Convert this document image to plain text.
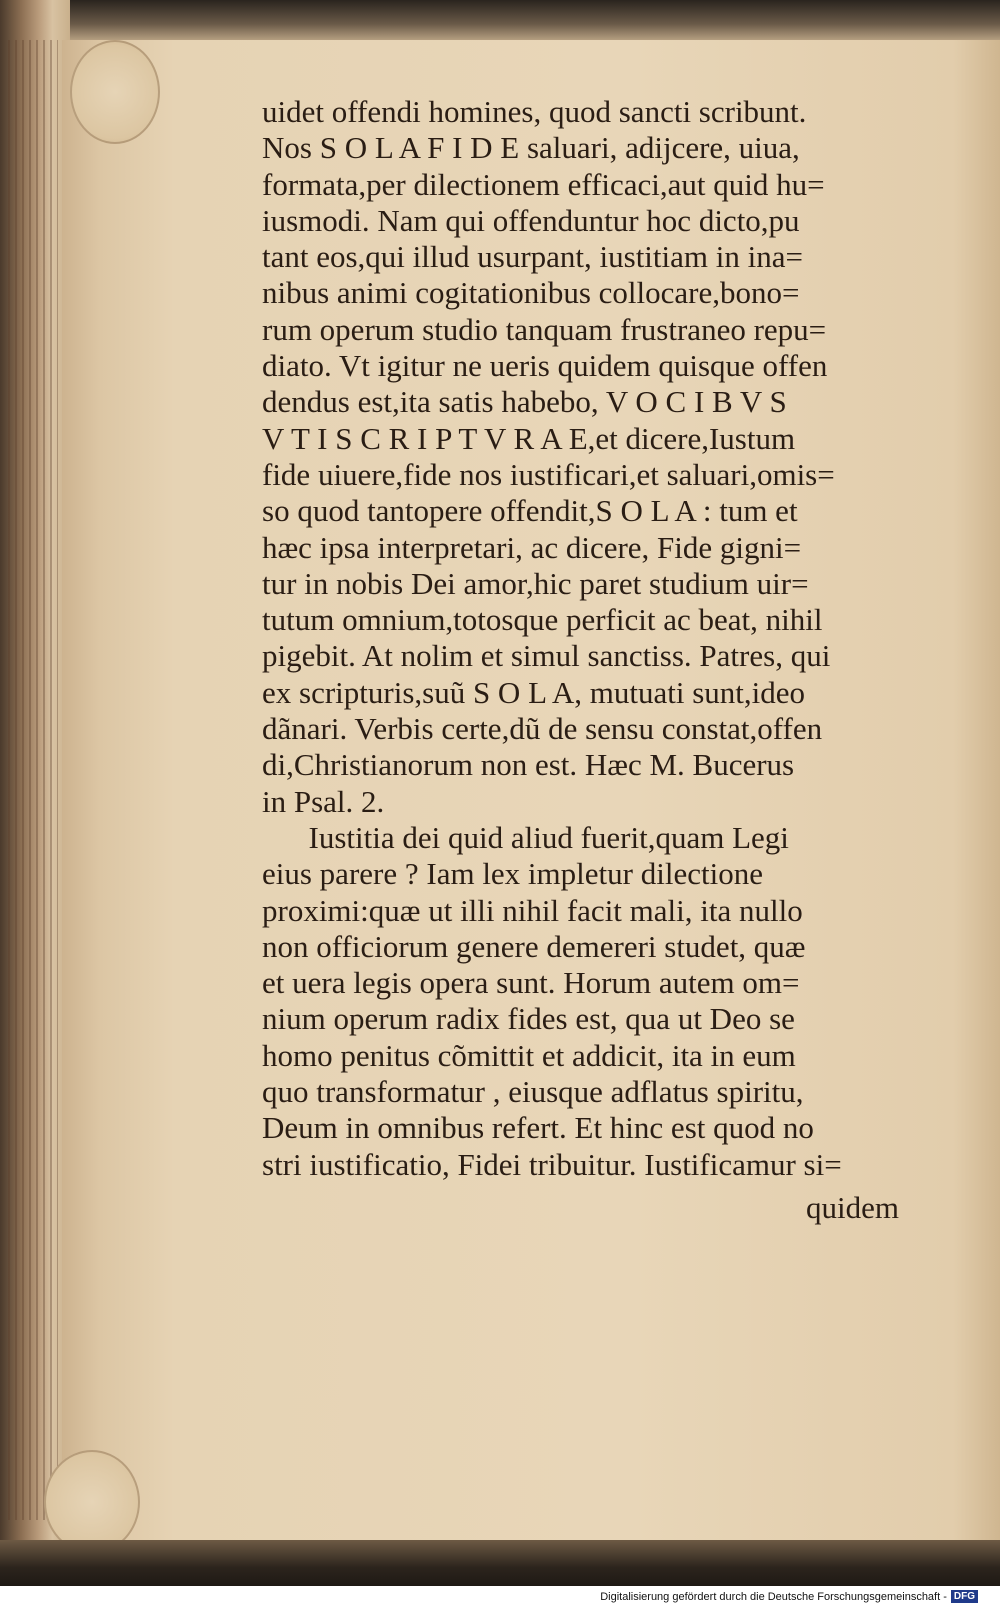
uidet offendi homines, quod sancti scribunt.
Nos S O L A F I D E saluari, adijcere, uiua,
formata,per dilectionem efficaci,aut quid hu=
iusmodi. Nam qui offenduntur hoc dicto,pu
tant eos,qui illud usurpant, iustitiam in ina=
nibus animi cogitationibus collocare,bono=
rum operum studio tanquam frustraneo repu=
diato. Vt igitur ne ueris quidem quisque offen
dendus est,ita satis habebo, V O C I B V S
V T I S C R I P T V R A E,et dicere,Iustum
fide uiuere,fide nos iustificari,et saluari,omis=
so quod tantopere offendit,S O L A : tum et
hæc ipsa interpretari, ac dicere, Fide gigni=
tur in nobis Dei amor,hic paret studium uir=
tutum omnium,totosque perficit ac beat, nihil
pigebit. At nolim et simul sanctiss. Patres, qui
ex scripturis,suũ S O L A, mutuati sunt,ideo
dãnari. Verbis certe,dũ de sensu constat,offen
di,Christianorum non est. Hæc M. Bucerus
in Psal. 2.
Iustitia dei quid aliud fuerit,quam Legi
eius parere ? Iam lex impletur dilectione
proximi:quæ ut illi nihil facit mali, ita nullo
non officiorum genere demereri studet, quæ
et uera legis opera sunt. Horum autem om=
nium operum radix fides est, qua ut Deo se
homo penitus cõmittit et addicit, ita in eum
quo transformatur , eiusque adflatus spiritu,
Deum in omnibus refert. Et hinc est quod no
stri iustificatio, Fidei tribuitur. Iustificamur si=
quidem
Digitalisierung gefördert durch die Deutsche Forschungsgemeinschaft - DFG
